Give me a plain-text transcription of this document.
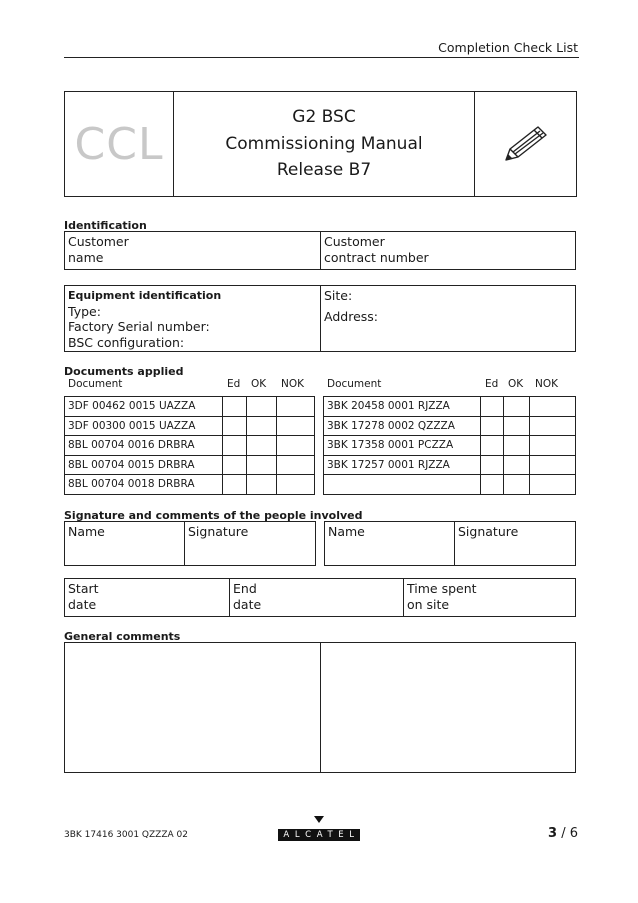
Completion Check List
CCL
G2 BSC
Commissioning Manual
Release B7
Identification
Customer
name
Customer
contract number
Equipment identification
Type:
Factory Serial number:
BSC configuration:
Site:
Address:
Documents applied
Document	Ed OK NOK Document	Ed OK NOK
3DF 00462 0015 UAZZA			
3DF 00300 0015 UAZZA			
8BL 00704 0016 DRBRA			
8BL 00704 0015 DRBRA			
8BL 00704 0018 DRBRA			
3BK 20458 0001 RJZZA			
3BK 17278 0002 QZZZA			
3BK 17358 0001 PCZZA			
3BK 17257 0001 RJZZA			

Signature and comments of the people involved
Name	Signature	Name	Signature
Start
date
End
date
Time spent
on site
General comments
3BK 17416 3001 QZZZA 02	ALCATEL	3 / 6
